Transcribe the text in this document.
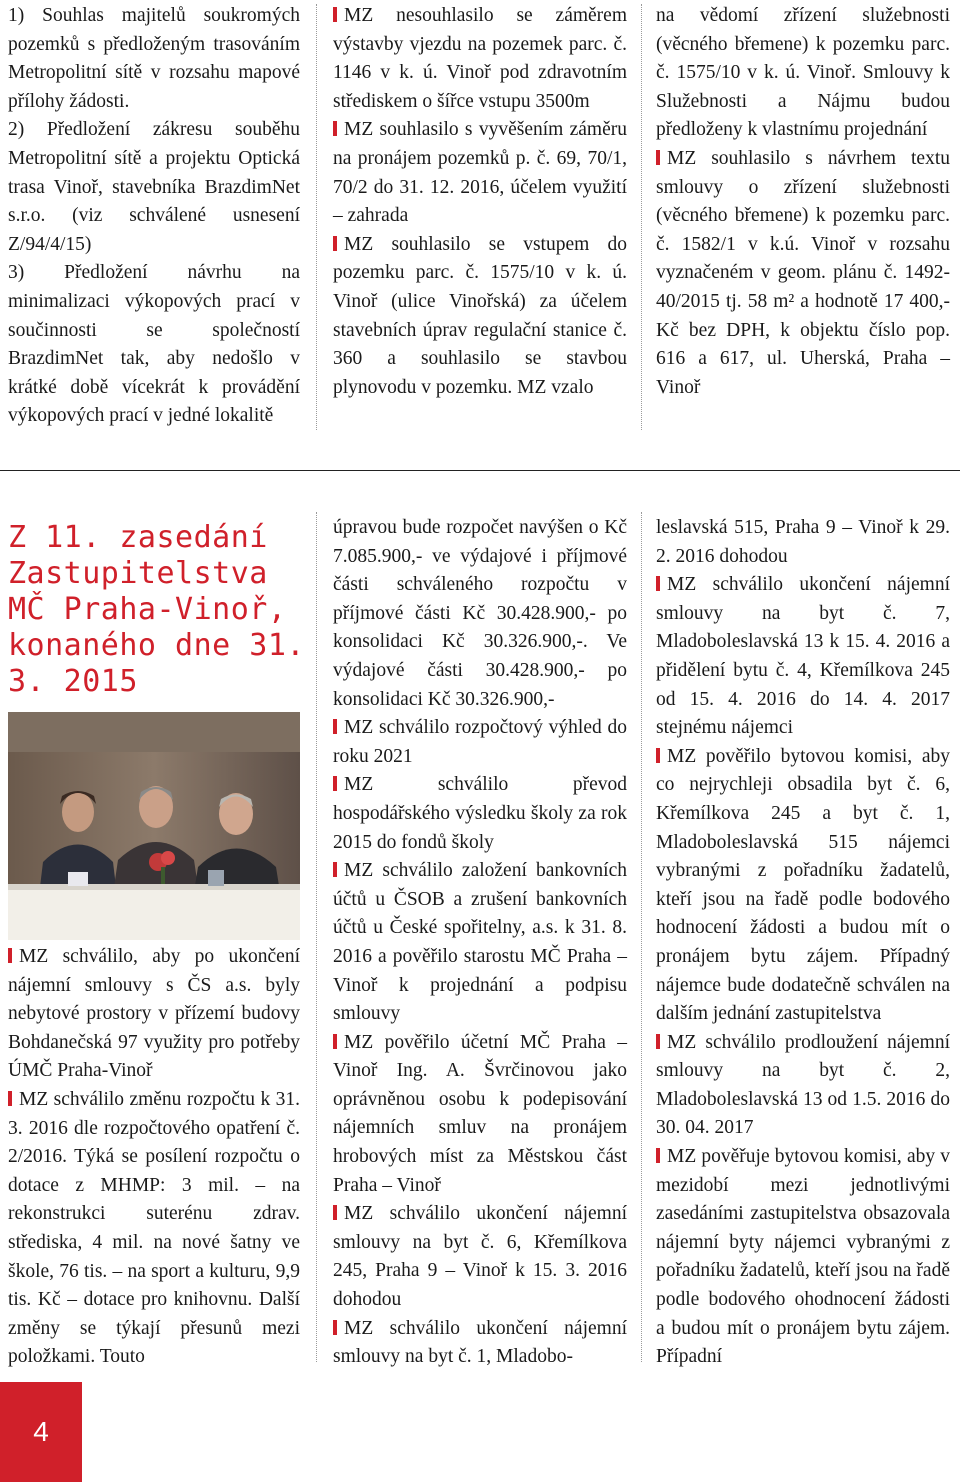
1) Souhlas majitelů soukromých pozemků s předloženým trasováním Metropolitní sítě v rozsahu mapové přílohy žádosti.

2) Předložení zákresu souběhu Metropolitní sítě a projektu Optická trasa Vinoř, stavebníka BrazdimNet s.r.o. (viz schválené usnesení Z/94/4/15)

3) Předložení návrhu na minimalizaci výkopových prací v součinnosti se společností BrazdimNet tak, aby nedošlo v krátké době vícekrát k provádění výkopových prací v jedné lokalitě

MZ nesouhlasilo se záměrem výstavby vjezdu na pozemek parc. č. 1146 v k. ú. Vinoř pod zdravotním střediskem o šířce vstupu 3500m

MZ souhlasilo s vyvěšením záměru na pronájem pozemků p. č. 69, 70/1, 70/2 do 31. 12. 2016, účelem využití – zahrada

MZ souhlasilo se vstupem do pozemku parc. č. 1575/10 v k. ú. Vinoř (ulice Vinořská) za účelem stavebních úprav regulační stanice č. 360 a souhlasilo se stavbou plynovodu v pozemku. MZ vzalo

na vědomí zřízení služebnosti (věcného břemene) k pozemku parc. č. 1575/10 v k. ú. Vinoř. Smlouvy k Služebnosti a Nájmu budou předloženy k vlastnímu projednání

MZ souhlasilo s návrhem textu smlouvy o zřízení služebnosti (věcného břemene) k pozemku parc. č. 1582/1 v k.ú. Vinoř v rozsahu vyznačeném v geom. plánu č. 1492-40/2015 tj. 58 m² a hodnotě 17 400,- Kč bez DPH, k objektu číslo pop. 616 a 617, ul. Uherská, Praha – Vinoř

Z 11. zasedání Zastupitelstva MČ Praha-Vinoř, konaného dne 31. 3. 2015

MZ schválilo, aby po ukončení nájemní smlouvy s ČS a.s. byly nebytové prostory v přízemí budovy Bohdanečská 97 využity pro potřeby ÚMČ Praha-Vinoř

MZ schválilo změnu rozpočtu k 31. 3. 2016 dle rozpočtového opatření č. 2/2016. Týká se posílení rozpočtu o dotace z MHMP: 3 mil. – na rekonstrukci suterénu zdrav. střediska, 4 mil. na nové šatny ve škole, 76 tis. – na sport a kulturu, 9,9 tis. Kč – dotace pro knihovnu. Další změny se týkají přesunů mezi položkami. Touto

úpravou bude rozpočet navýšen o Kč 7.085.900,- ve výdajové i příjmové části schváleného rozpočtu v příjmové části Kč 30.428.900,- po konsolidaci Kč 30.326.900,-. Ve výdajové části 30.428.900,- po konsolidaci Kč 30.326.900,-

MZ schválilo rozpočtový výhled do roku 2021

MZ schválilo převod hospodářského výsledku školy za rok 2015 do fondů školy

MZ schválilo založení bankovních účtů u ČSOB a zrušení bankovních účtů u České spořitelny, a.s. k 31. 8. 2016 a pověřilo starostu MČ Praha – Vinoř k projednání a podpisu smlouvy

MZ pověřilo účetní MČ Praha – Vinoř Ing. A. Švrčinovou jako oprávněnou osobu k podepisování nájemních smluv na pronájem hrobových míst za Městskou část Praha – Vinoř

MZ schválilo ukončení nájemní smlouvy na byt č. 6, Křemílkova 245, Praha 9 – Vinoř k 15. 3. 2016 dohodou

MZ schválilo ukončení nájemní smlouvy na byt č. 1, Mladobo-

leslavská 515, Praha 9 – Vinoř k 29. 2. 2016 dohodou

MZ schválilo ukončení nájemní smlouvy na byt č. 7, Mladoboleslavská 13 k 15. 4. 2016 a přidělení bytu č. 4, Křemílkova 245 od 15. 4. 2016 do 14. 4. 2017 stejnému nájemci

MZ pověřilo bytovou komisi, aby co nejrychleji obsadila byt č. 6, Křemílkova 245 a byt č. 1, Mladoboleslavská 515 nájemci vybranými z pořadníku žadatelů, kteří jsou na řadě podle bodového hodnocení žádosti a budou mít o pronájem bytu zájem. Případný nájemce bude dodatečně schválen na dalším jednání zastupitelstva

MZ schválilo prodloužení nájemní smlouvy na byt č. 2, Mladoboleslavská 13 od 1.5. 2016 do 30. 04. 2017

MZ pověřuje bytovou komisi, aby v mezidobí mezi jednotlivými zasedáními zastupitelstva obsazovala nájemní byty nájemci vybranými z pořadníku žadatelů, kteří jsou na řadě podle bodového ohodnocení žádosti a budou mít o pronájem bytu zájem. Případní

4
